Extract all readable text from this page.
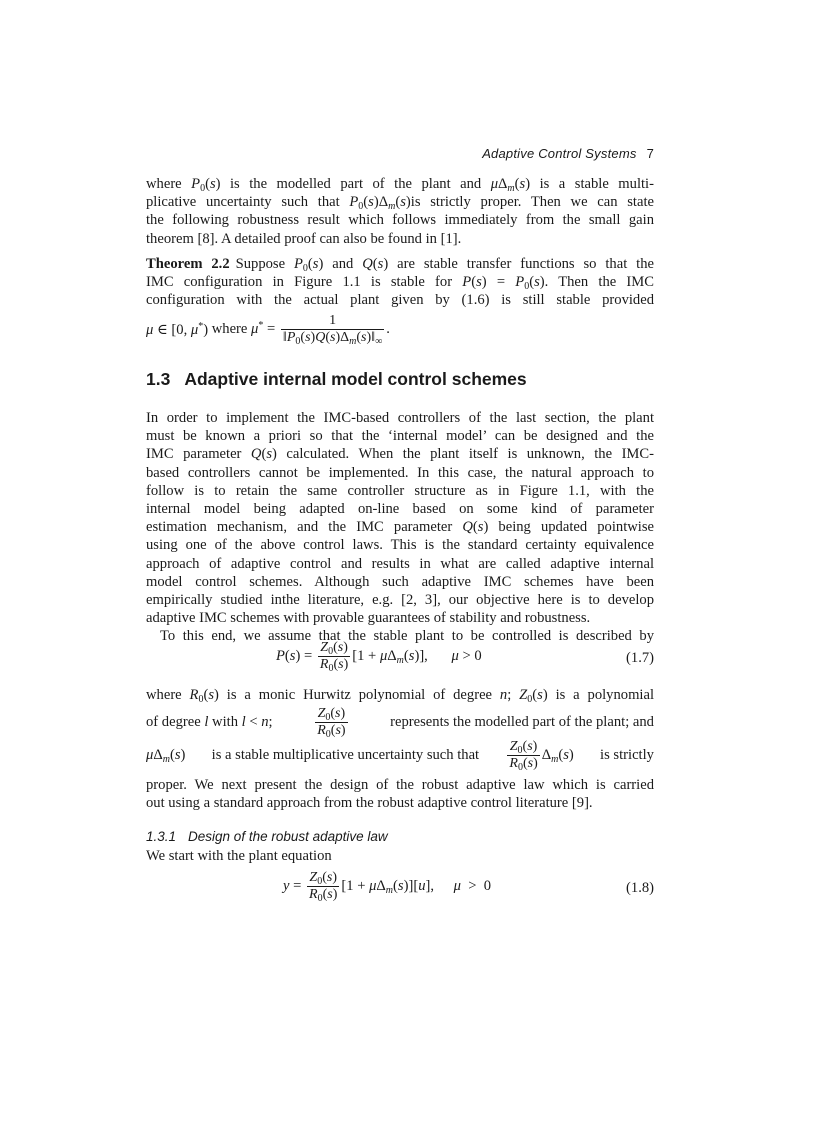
Adaptive Control Systems 7

where $P_0(s)$ is the modelled part of the plant and $\mu\Delta_m(s)$ is a stable multi-
plicative uncertainty such that $P_0(s)\Delta_m(s)is$ strictly proper. Then we can state
the following robustness result which follows immediately from the small gain
theorem [8]. A detailed proof can also be found in [1].

Theorem 2.2 Suppose $P_0(s)$ and Q(s) are stable transfer functions so that the
IMC configuration in Figure 1.1 is stable for $P(s) = P_0(s)$. Then the IMC
configuration with the actual plant given by (1.6) is still stable provided

μ ∈ [0, μ*) where $\mu^* = \frac{1}{‖P_0(s)Q(s)\Delta_m(s)‖_\infty}$ .
1.3 Adaptive internal model control schemes

In order to implement the IMC-based controllers of the last section, the plant
must be known a priori so that the ‘internal model’ can be designed and the
IMC parameter Q(s) calculated. When the plant itself is unknown, the IMC-
based controllers cannot be implemented. In this case, the natural approach to
follow is to retain the same controller structure as in Figure 1.1, with the
internal model being adapted on-line based on some kind of parameter
estimation mechanism, and the IMC parameter Q(s) being updated pointwise
using one of the above control laws. This is the standard certainty equivalence
approach of adaptive control and results in what are called adaptive internal
model control schemes. Although such adaptive IMC schemes have been
empirically studied inthe literature, e.g. [2, 3], our objective here is to develop
adaptive IMC schemes with provable guarantees of stability and robustness.
To this end, we assume that the stable plant to be controlled is described by

$P(s) = \frac{Z_0(s)}{R_0(s)} [1 + \mu\Delta_m(s)]$, μ > 0	(1.7)

where $R_0(s)$ is a monic Hurwitz polynomial of degree n; $Z_0(s)$ is a polynomial

of degree l with l < n;	$\frac{Z_0(s)}{R_0(s)}$	represents the modelled part of the plant; and
$\mu\Delta_m(s)$ is a stable multiplicative uncertainty such that $\frac{Z_0(s)}{R_0(s)} \Delta_m(s)$ is strictly

proper. We next present the design of the robust adaptive law which is carried
out using a standard approach from the robust adaptive control literature [9].

1.3.1 Design of the robust adaptive law

We start with the plant equation

$y = \frac{Z_0(s)}{R_0(s)} [1 + \mu\Delta_m(s)][u]$, μ  >  0	(1.8)
